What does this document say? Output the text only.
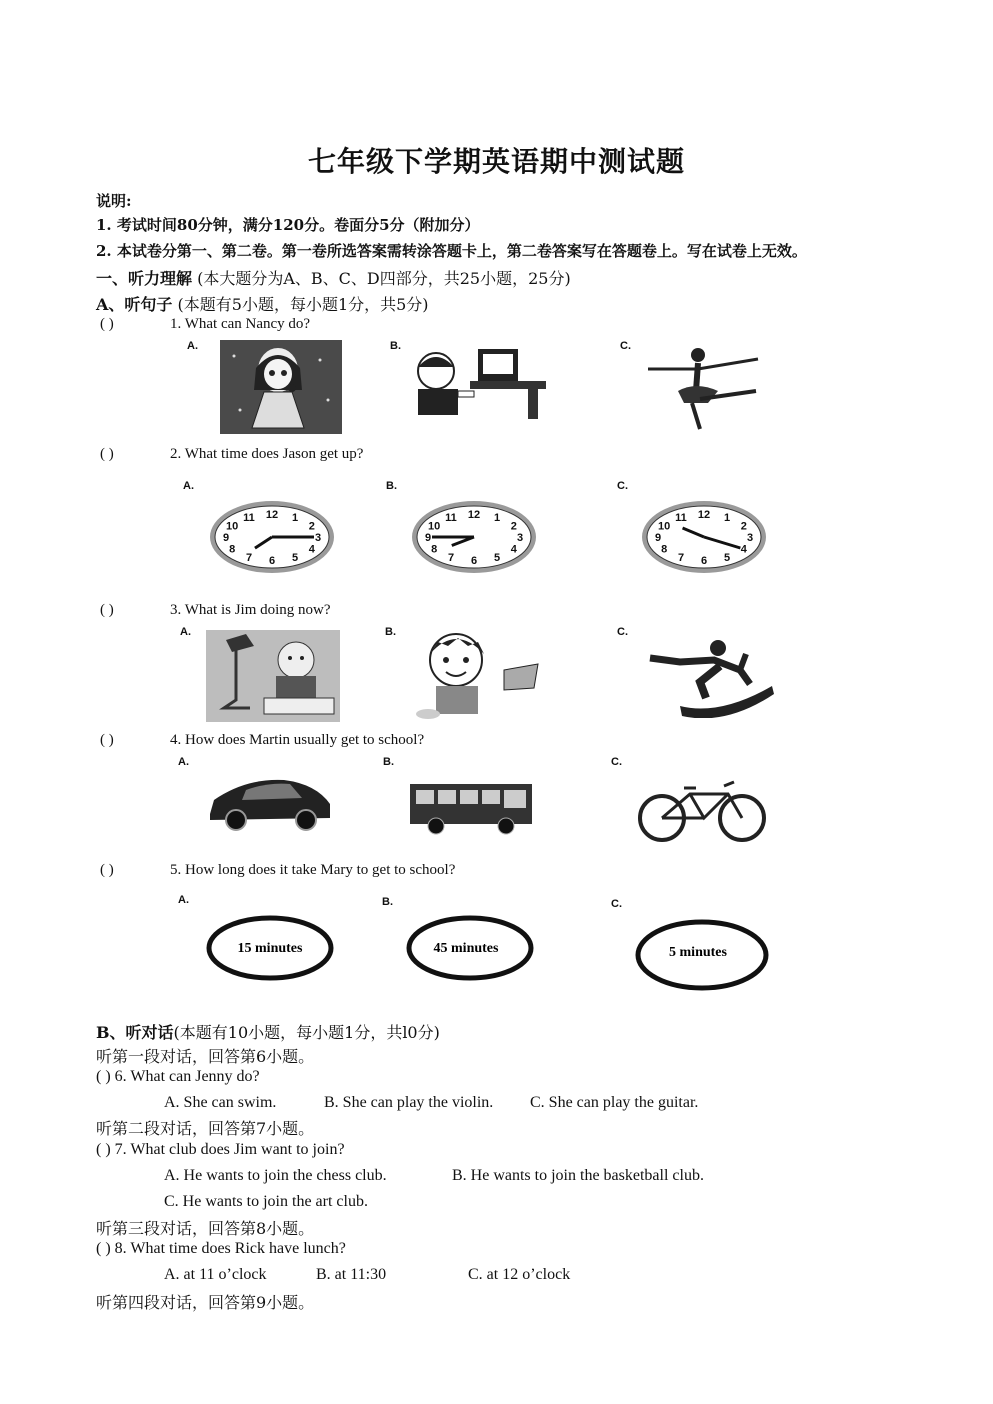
七年级下学期英语期中测试题
说明:
1. 考试时间80分钟，满分120分。卷面分5分（附加分）
2. 本试卷分第一、第二卷。第一卷所选答案需转涂答题卡上，第二卷答案写在答题卷上。写在试卷上无效。
一、听力理解 (本大题分为A、B、C、D四部分，共25小题，25分)
A、听句子 (本题有5小题，每小题1分，共5分)
( )	1. What can Nancy do?
A.	B.	C.
( )	2. What time does Jason get up?
A.	B.	C.
12 1
2
3
4
5
6
7
8
9
10
11	12 1
2
3
4
5
6
7
8
9
10
11	12 1
2
3
4
5
6
7
8
9
10
11
( )	3. What is Jim doing now?
A.	B.	C.
( )	4. How does Martin usually get to school?
A.	B.	C.
( )	5. How long does it take Mary to get to school?
A.	B.	C.
15 minutes	45 minutes	5 minutes
B、听对话(本题有10小题，每小题1分，共l0分)
听第一段对话，回答第6小题。
( ) 6. What can Jenny do?
A. She can swim.	B. She can play the violin. C. She can play the guitar.
听第二段对话，回答第7小题。
( ) 7. What club does Jim want to join?
A. He wants to join the chess club.	B. He wants to join the basketball club.
C. He wants to join the art club.
听第三段对话，回答第8小题。
( ) 8. What time does Rick have lunch?
A. at 11 o’clock	B. at 11:30	C. at 12 o’clock
听第四段对话，回答第9小题。
